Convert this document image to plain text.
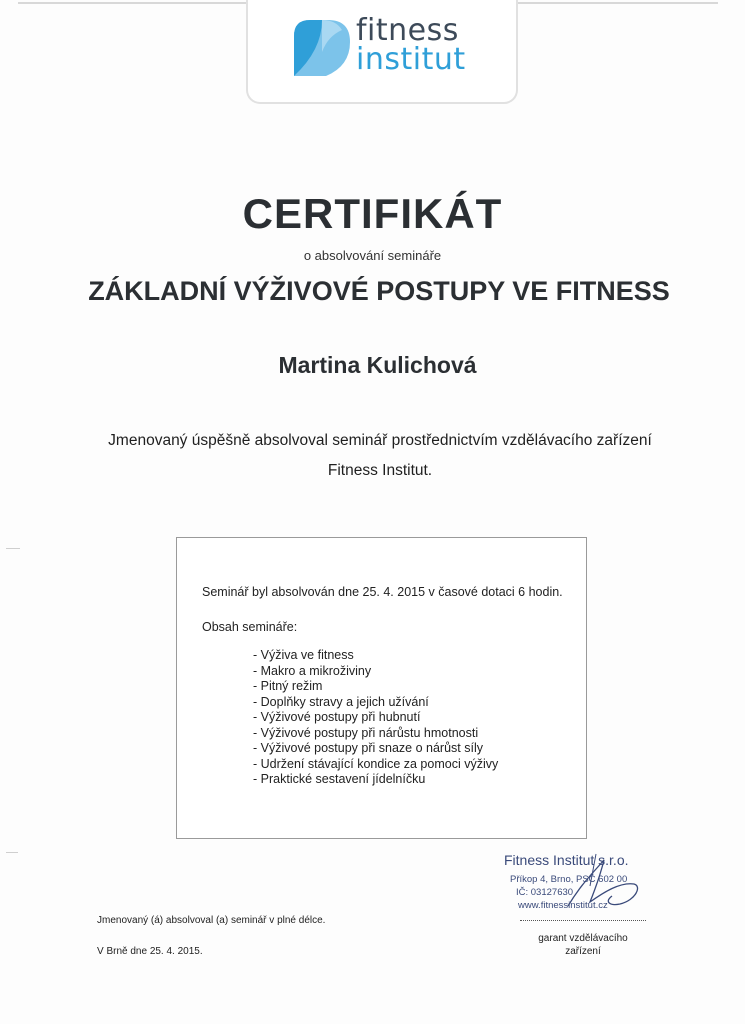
fitness
institut
CERTIFIKÁT
o absolvování semináře
ZÁKLADNÍ VÝŽIVOVÉ POSTUPY VE FITNESS
Martina Kulichová
Jmenovaný úspěšně absolvoval seminář prostřednictvím vzdělávacího zařízení
Fitness Institut.
Seminář byl absolvován dne 25. 4. 2015 v časové dotaci 6 hodin.
Obsah semináře:
- Výživa ve fitness
- Makro a mikroživiny
- Pitný režim
- Doplňky stravy a jejich užívání
- Výživové postupy při hubnutí
- Výživové postupy při nárůstu hmotnosti
- Výživové postupy při snaze o nárůst síly
- Udržení stávající kondice za pomoci výživy
- Praktické sestavení jídelníčku
Jmenovaný (á) absolvoval (a) seminář v plné délce.
V Brně dne 25. 4. 2015.
Fitness Institut s.r.o.
Příkop 4, Brno, PSČ 602 00
IČ: 03127630
www.fitnessinstitut.cz
garant vzdělávacího
zařízení
